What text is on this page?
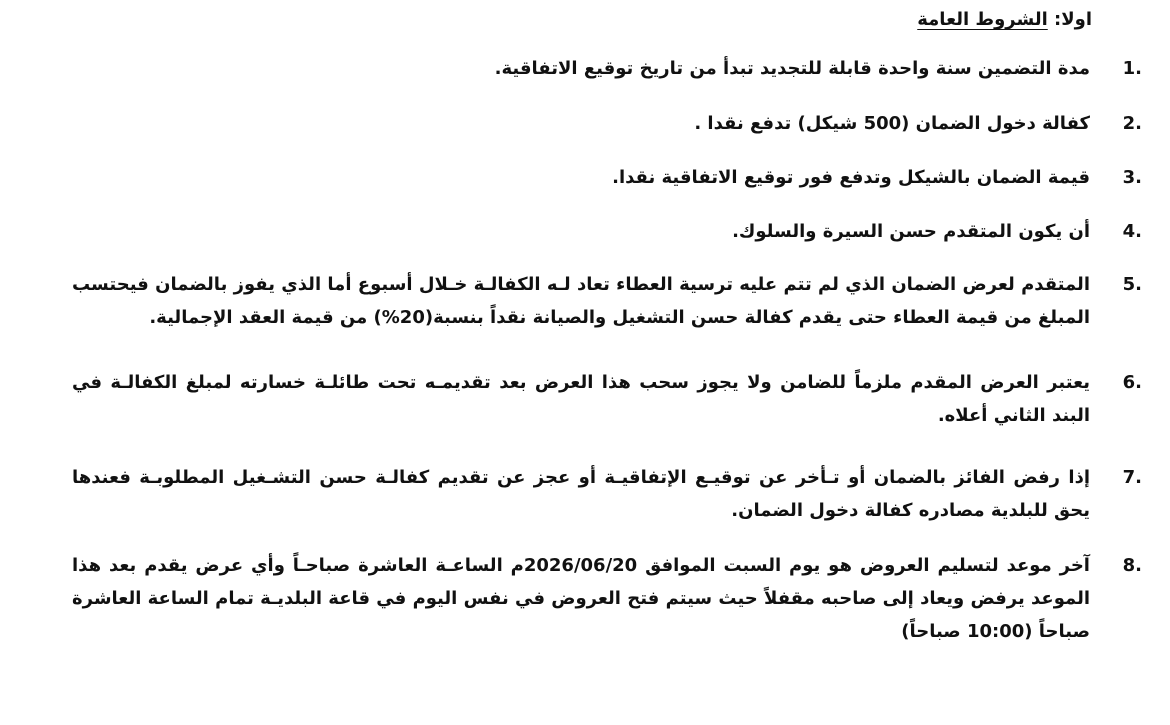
اولا: الشروط العامة
1.
مدة التضمين سنة واحدة قابلة للتجديد تبدأ من تاريخ توقيع الاتفاقية.
2.
كفالة دخول الضمان (500 شيكل) تدفع نقدا .
3.
قيمة الضمان بالشيكل وتدفع فور توقيع الاتفاقية نقدا.
4.
أن يكون المتقدم حسن السيرة والسلوك.
5.
المتقدم لعرض الضمان الذي لم تتم عليه ترسية العطاء تعاد لـه الكفالـة خـلال أسبوع أما الذي يفوز بالضمان فيحتسب المبلغ من قيمة العطاء حتى يقدم كفالة حسن التشغيل والصيانة نقداً بنسبة(20%) من قيمة العقد الإجمالية.
6.
يعتبر العرض المقدم ملزماً للضامن ولا يجوز سحب هذا العرض بعد تقديمـه تحت طائلـة خسارته لمبلغ الكفالـة في البند الثاني أعلاه.
7.
إذا رفض الفائز بالضمان أو تـأخر عن توقيـع الإتفاقيـة أو عجز عن تقديم كفالـة حسن التشـغيل المطلوبـة فعندها يحق للبلدية مصادره كفالة دخول الضمان.
8.
آخر موعد لتسليم العروض هو يوم السبت الموافق 2026/06/20م الساعـة العاشرة صباحـاً وأي عرض يقدم بعد هذا الموعد يرفض ويعاد إلى صاحبه مقفلاً حيث سيتم فتح العروض في نفس اليوم في قاعة البلديـة تمام الساعة العاشرة صباحاً (10:00 صباحاً)
